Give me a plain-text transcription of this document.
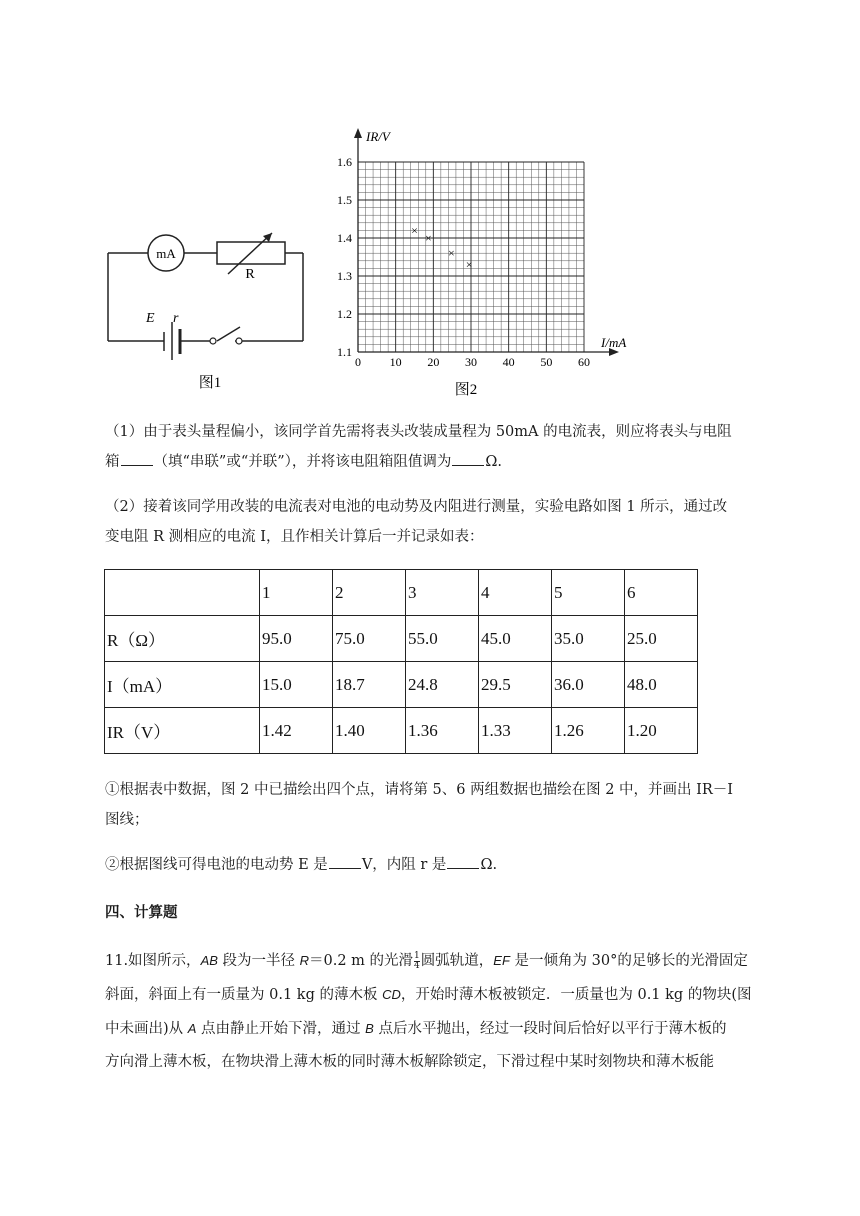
mA
R
E r
图1
0 10 20 30 40 50 60
1.1
1.2
1.3
1.4
1.5
1.6
×
×
×
×
IR/V
I/mA
图2
（1）由于表头量程偏小，该同学首先需将表头改装成量程为 50mA 的电流表，则应将表头与电阻
箱 （填“串联”或“并联”），并将该电阻箱阻值调为 Ω.
（2）接着该同学用改装的电流表对电池的电动势及内阻进行测量，实验电路如图 1 所示，通过改
变电阻 R 测相应的电流 I，且作相关计算后一并记录如表：
	1	2	3	4	5	6
R（Ω）	95.0	75.0	55.0	45.0	35.0	25.0
I（mA）	15.0	18.7	24.8	29.5	36.0	48.0
IR（V）	1.42	1.40	1.36	1.33	1.26	1.20
①根据表中数据，图 2 中已描绘出四个点，请将第 5、6 两组数据也描绘在图 2 中，并画出 IR－I
图线；
②根据图线可得电池的电动势 E 是 V，内阻 r 是 Ω.
四、计算题
11.如图所示，AB 段为一半径 R＝0.2 m 的光滑 $\frac{1}{4}$ 圆弧轨道，EF 是一倾角为 30°的足够长的光滑固定
斜面，斜面上有一质量为 0.1 kg 的薄木板 CD，开始时薄木板被锁定．一质量也为 0.1 kg 的物块(图
中未画出)从 A 点由静止开始下滑，通过 B 点后水平抛出，经过一段时间后恰好以平行于薄木板的
方向滑上薄木板，在物块滑上薄木板的同时薄木板解除锁定，下滑过程中某时刻物块和薄木板能
